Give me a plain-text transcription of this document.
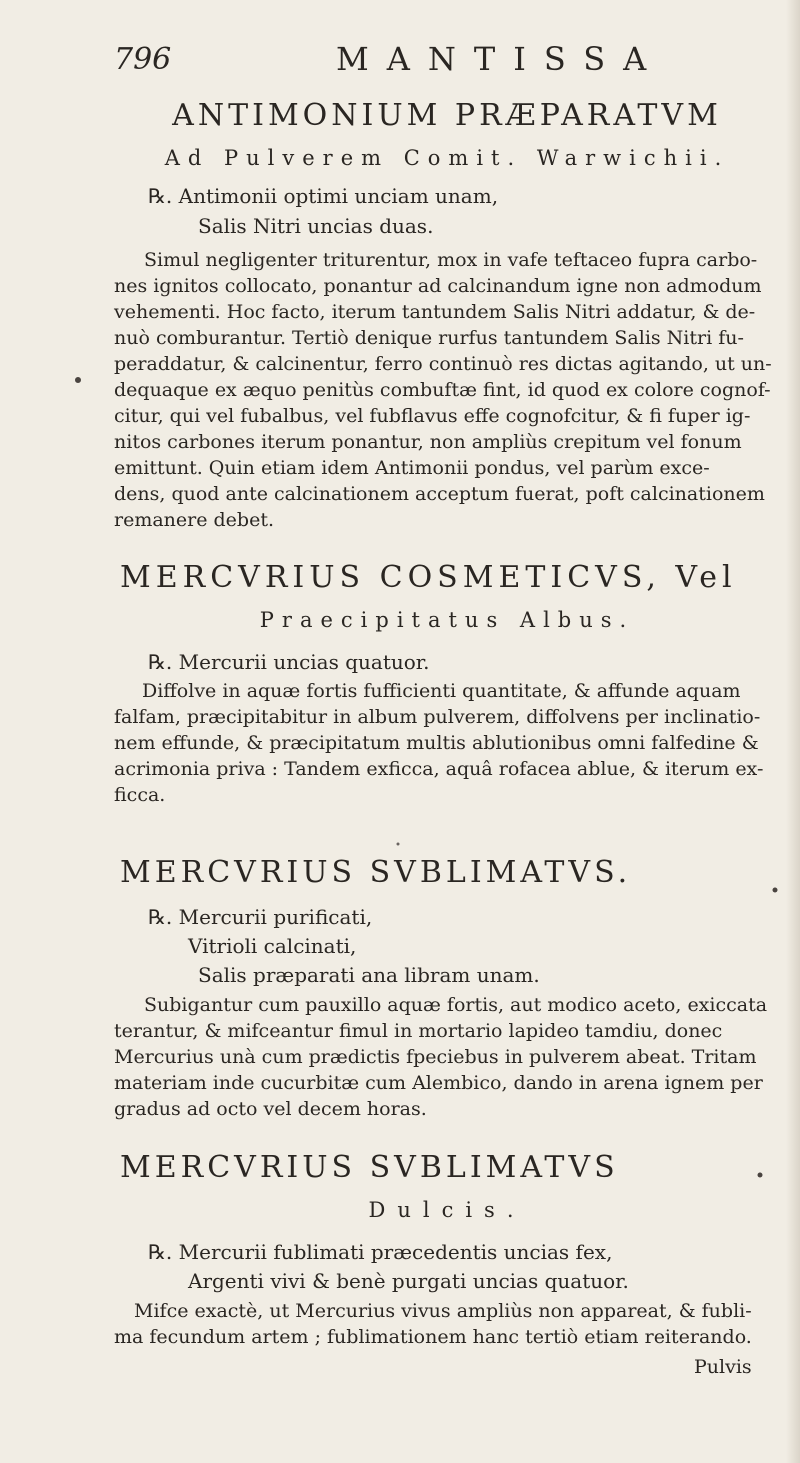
796	MANTISSA
ANTIMONIUM PRÆPARATVM
Ad Pulverem Comit. Warwichii.
℞. Antimonii optimi unciam unam,
Salis Nitri uncias duas.
Simul negligenter triturentur, mox in vafe teftaceo fupra carbo-
nes ignitos collocato, ponantur ad calcinandum igne non admodum
vehementi. Hoc facto, iterum tantundem Salis Nitri addatur, & de-
nuò comburantur. Tertiò denique rurfus tantundem Salis Nitri fu-
peraddatur, & calcinentur, ferro continuò res dictas agitando, ut un-
dequaque ex æquo penitùs combuftæ fint, id quod ex colore cognof-
citur, qui vel fubalbus, vel fubflavus effe cognofcitur, & fi fuper ig-
nitos carbones iterum ponantur, non ampliùs crepitum vel fonum
emittunt. Quin etiam idem Antimonii pondus, vel parùm exce-
dens, quod ante calcinationem acceptum fuerat, poft calcinationem
remanere debet.
MERCVRIUS COSMETICVS, Vel
Praecipitatus Albus.
℞. Mercurii uncias quatuor.
Diffolve in aquæ fortis fufficienti quantitate, & affunde aquam
falfam, præcipitabitur in album pulverem, diffolvens per inclinatio-
nem effunde, & præcipitatum multis ablutionibus omni falfedine &
acrimonia priva : Tandem exficca, aquâ rofacea ablue, & iterum ex-
ficca.
MERCVRIUS SVBLIMATVS.
℞. Mercurii purificati,
Vitrioli calcinati,
Salis præparati ana libram unam.
Subigantur cum pauxillo aquæ fortis, aut modico aceto, exiccata
terantur, & mifceantur fimul in mortario lapideo tamdiu, donec
Mercurius unà cum prædictis fpeciebus in pulverem abeat. Tritam
materiam inde cucurbitæ cum Alembico, dando in arena ignem per
gradus ad octo vel decem horas.
MERCVRIUS SVBLIMATVS
Dulcis.
℞. Mercurii fublimati præcedentis uncias fex,
Argenti vivi & benè purgati uncias quatuor.
Mifce exactè, ut Mercurius vivus ampliùs non appareat, & fubli-
ma fecundum artem ; fublimationem hanc tertiò etiam reiterando.
Pulvis
